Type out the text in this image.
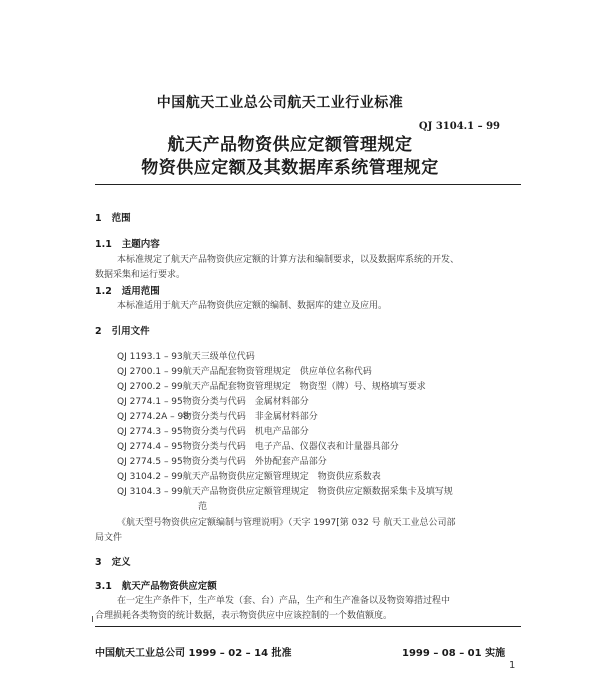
中国航天工业总公司航天工业行业标准
QJ 3104.1 – 99
航天产品物资供应定额管理规定
物资供应定额及其数据库系统管理规定
1 范围
1.1 主题内容
本标准规定了航天产品物资供应定额的计算方法和编制要求，以及数据库系统的开发、
数据采集和运行要求。
1.2 适用范围
本标准适用于航天产品物资供应定额的编制、数据库的建立及应用。
2 引用文件
QJ 1193.1 – 93  航天三级单位代码
QJ 2700.1 – 99  航天产品配套物资管理规定　供应单位名称代码
QJ 2700.2 – 99  航天产品配套物资管理规定　物资型（牌）号、规格填写要求
QJ 2774.1 – 95  物资分类与代码　金属材料部分
QJ 2774.2A – 98  物资分类与代码　非金属材料部分
QJ 2774.3 – 95  物资分类与代码　机电产品部分
QJ 2774.4 – 95  物资分类与代码　电子产品、仪器仪表和计量器具部分
QJ 2774.5 – 95  物资分类与代码　外协配套产品部分
QJ 3104.2 – 99  航天产品物资供应定额管理规定　物资供应系数表
QJ 3104.3 – 99  航天产品物资供应定额管理规定　物资供应定额数据采集卡及填写规
范
《航天型号物资供应定额编制与管理说明》（天字 1997[第 032 号 航天工业总公司部
局文件
3 定义
3.1 航天产品物资供应定额
在一定生产条件下，生产单发（套、台）产品，生产和生产准备以及物资筹措过程中
合理损耗各类物资的统计数据，表示物资供应中应该控制的一个数值额度。
中国航天工业总公司 1999 – 02 – 14 批准	1999 – 08 – 01 实施
1
